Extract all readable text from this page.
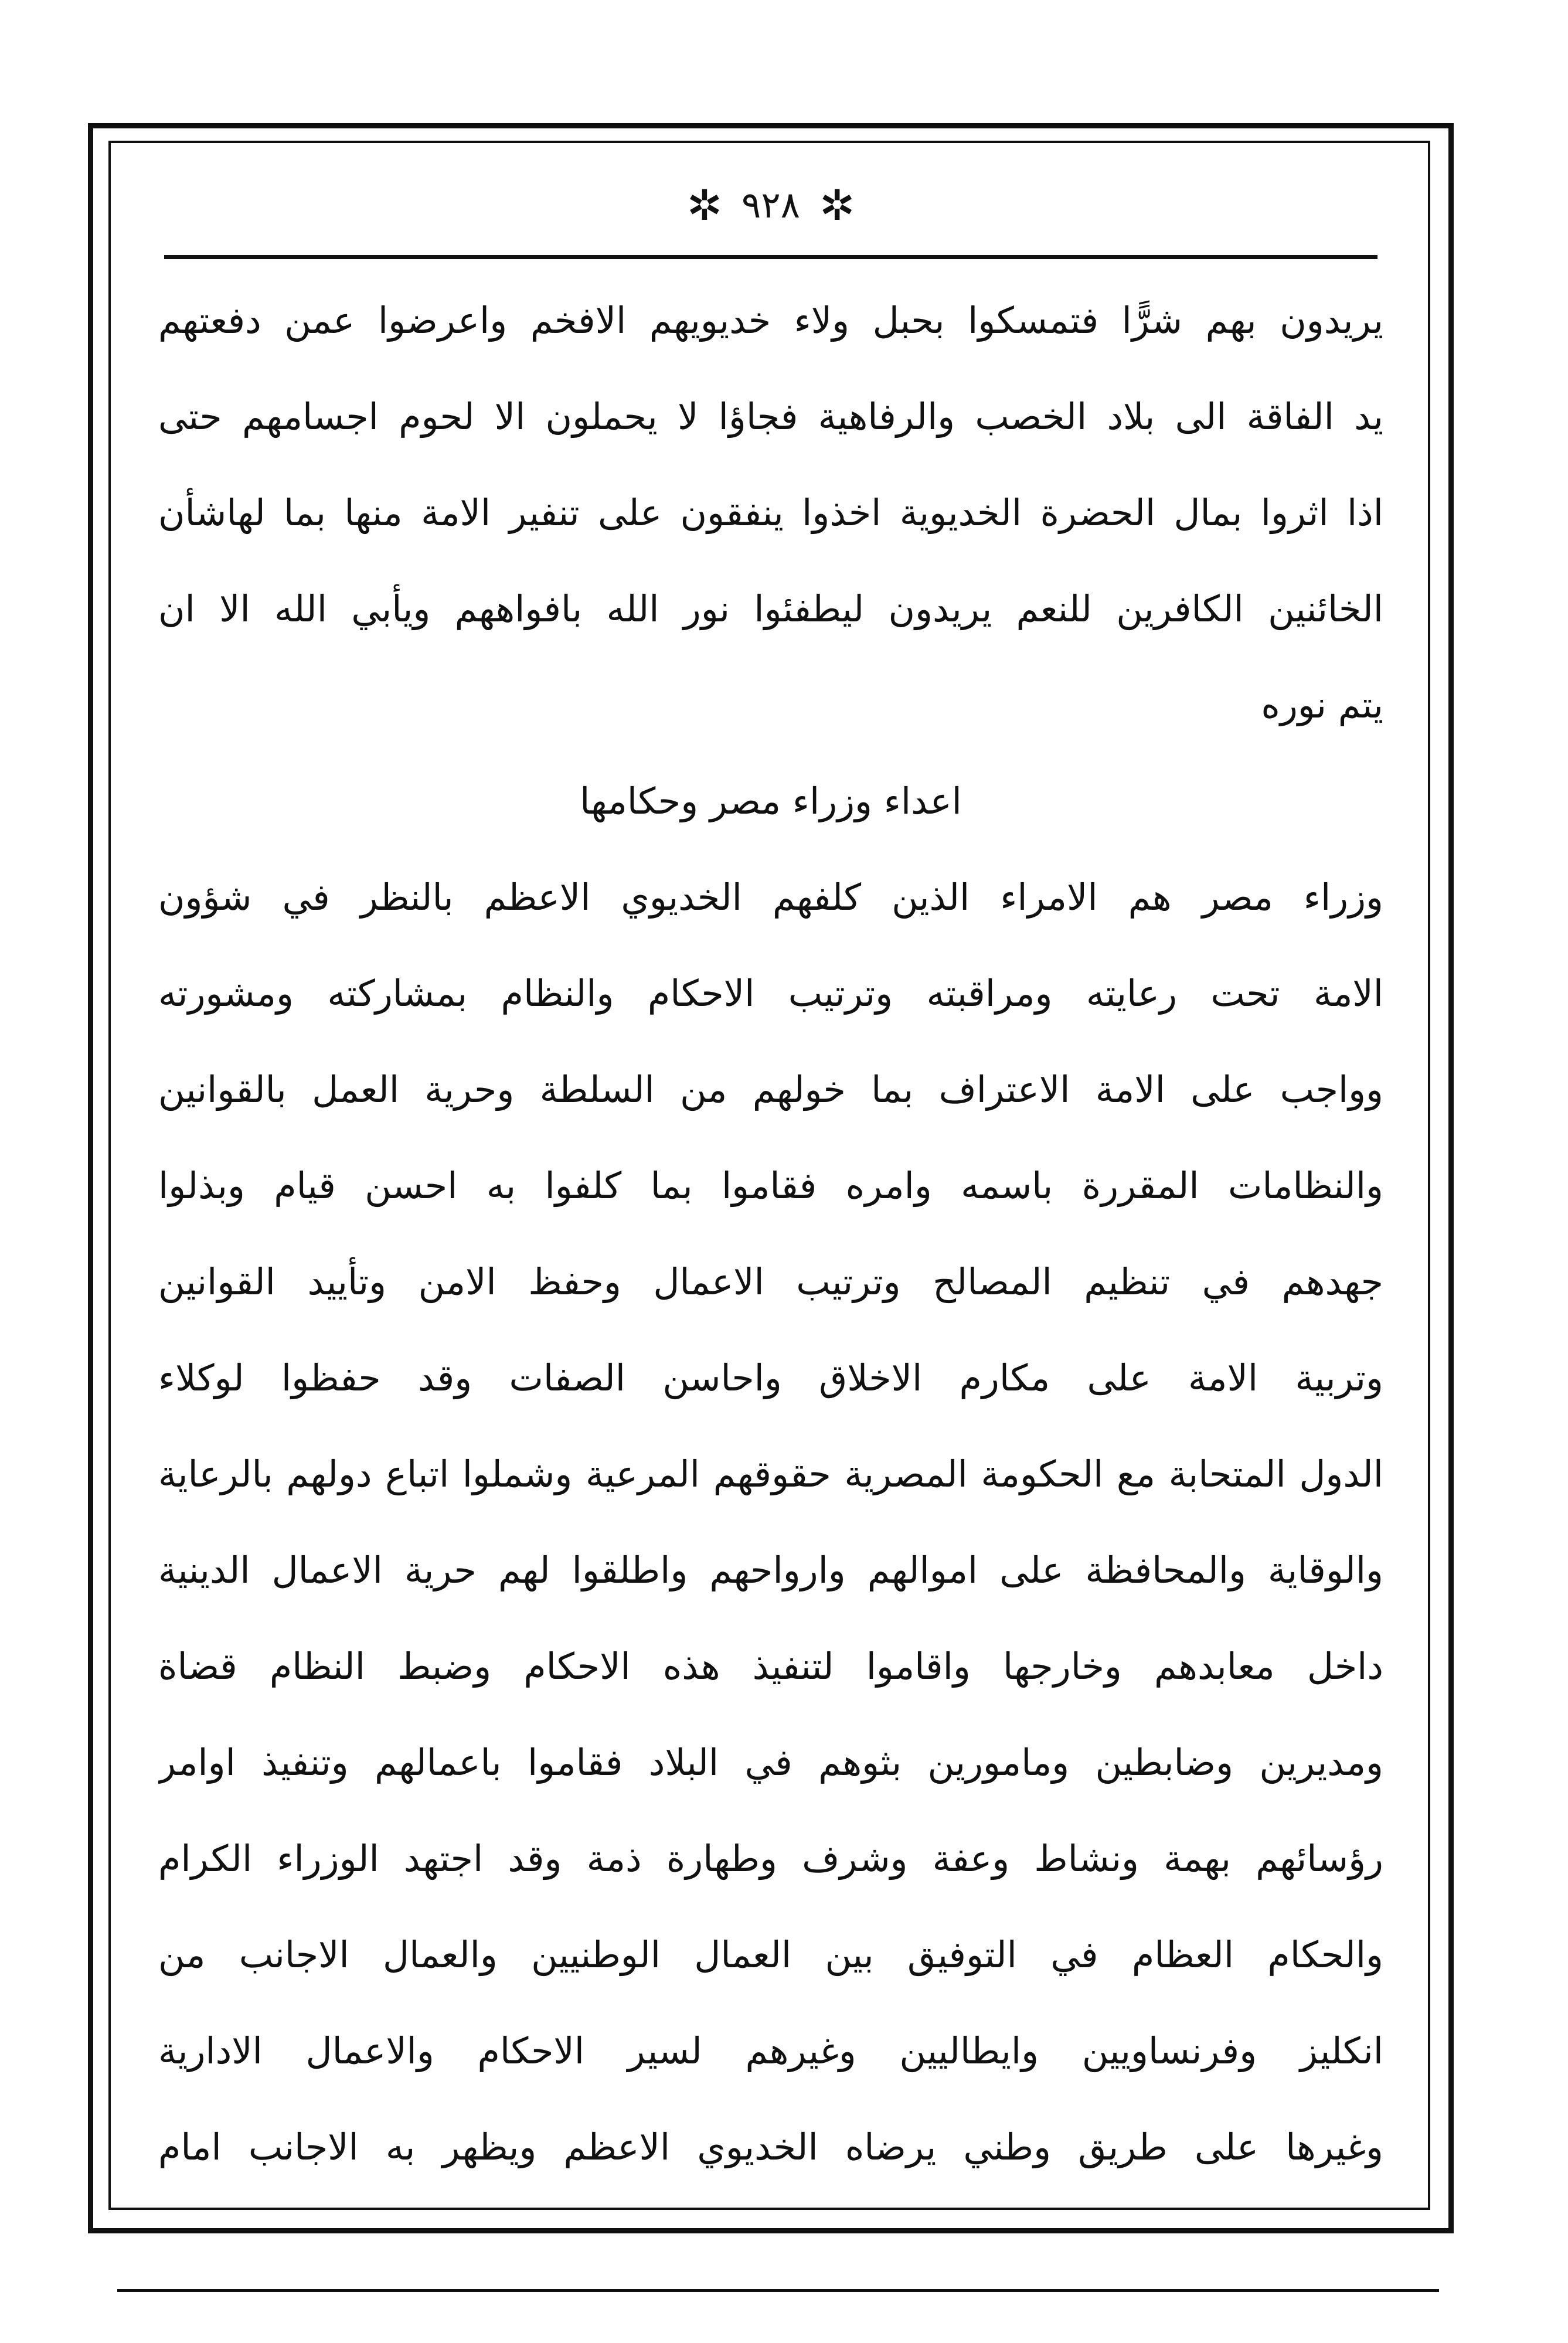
✲ ٩٢٨ ✲
يريدون بهم شرًّا فتمسكوا بحبل ولاء خديويهم الافخم واعرضوا عمن دفعتهم
يد الفاقة الى بلاد الخصب والرفاهية فجاؤا لا يحملون الا لحوم اجسامهم حتى
اذا اثروا بمال الحضرة الخديوية اخذوا ينفقون على تنفير الامة منها بما لهاشأن
الخائنين الكافرين للنعم يريدون ليطفئوا نور الله بافواههم ويأبي الله الا ان
يتم نوره
اعداء وزراء مصر وحكامها
وزراء مصر هم الامراء الذين كلفهم الخديوي الاعظم بالنظر في شؤون
الامة تحت رعايته ومراقبته وترتيب الاحكام والنظام بمشاركته ومشورته
وواجب على الامة الاعتراف بما خولهم من السلطة وحرية العمل بالقوانين
والنظامات المقررة باسمه وامره فقاموا بما كلفوا به احسن قيام وبذلوا
جهدهم في تنظيم المصالح وترتيب الاعمال وحفظ الامن وتأييد القوانين
وتربية الامة على مكارم الاخلاق واحاسن الصفات وقد حفظوا لوكلاء
الدول المتحابة مع الحكومة المصرية حقوقهم المرعية وشملوا اتباع دولهم بالرعاية
والوقاية والمحافظة على اموالهم وارواحهم واطلقوا لهم حرية الاعمال الدينية
داخل معابدهم وخارجها واقاموا لتنفيذ هذه الاحكام وضبط النظام قضاة
ومديرين وضابطين ومامورين بثوهم في البلاد فقاموا باعمالهم وتنفيذ اوامر
رؤسائهم بهمة ونشاط وعفة وشرف وطهارة ذمة وقد اجتهد الوزراء الكرام
والحكام العظام في التوفيق بين العمال الوطنيين والعمال الاجانب من
انكليز وفرنساويين وايطاليين وغيرهم لسير الاحكام والاعمال الادارية
وغيرها على طريق وطني يرضاه الخديوي الاعظم ويظهر به الاجانب امام
